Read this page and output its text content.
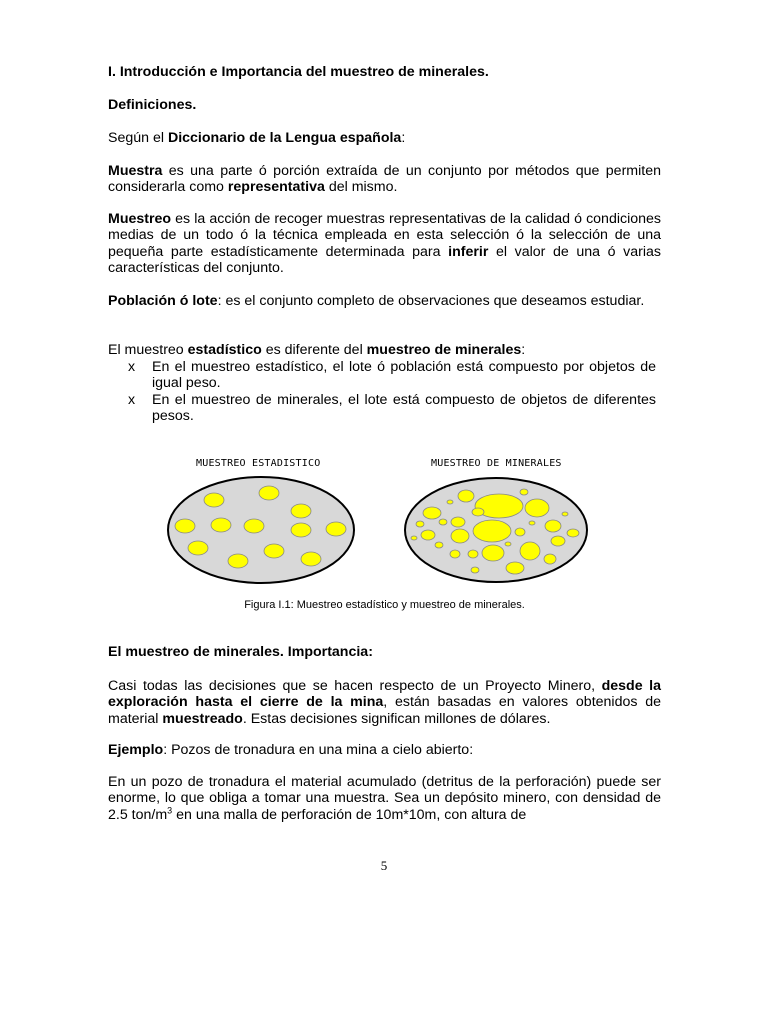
I. Introducción e Importancia del muestreo de minerales.

Definiciones.

Según el Diccionario de la Lengua española:

Muestra es una parte ó porción extraída de un conjunto por métodos que permiten considerarla como representativa del mismo.

Muestreo es la acción de recoger muestras representativas de la calidad ó condiciones medias de un todo ó la técnica empleada en esta selección ó la selección de una pequeña parte estadísticamente determinada para inferir el valor de una ó varias características del conjunto.

Población ó lote: es el conjunto completo de observaciones que deseamos estudiar.

El muestreo estadístico es diferente del muestreo de minerales:

x En el muestreo estadístico, el lote ó población está compuesto por objetos de igual peso.
x En el muestreo de minerales, el lote está compuesto de objetos de diferentes pesos.
MUESTREO ESTADISTICO	MUESTREO DE MINERALES
Figura I.1: Muestreo estadístico y muestreo de minerales.

El muestreo de minerales. Importancia:

Casi todas las decisiones que se hacen respecto de un Proyecto Minero, desde la exploración hasta el cierre de la mina, están basadas en valores obtenidos de material muestreado. Estas decisiones significan millones de dólares.

Ejemplo: Pozos de tronadura en una mina a cielo abierto:

En un pozo de tronadura el material acumulado (detritus de la perforación) puede ser enorme, lo que obliga a tomar una muestra. Sea un depósito minero, con densidad de 2.5 ton/$m^3$ en una malla de perforación de 10m*10m, con altura de

5
